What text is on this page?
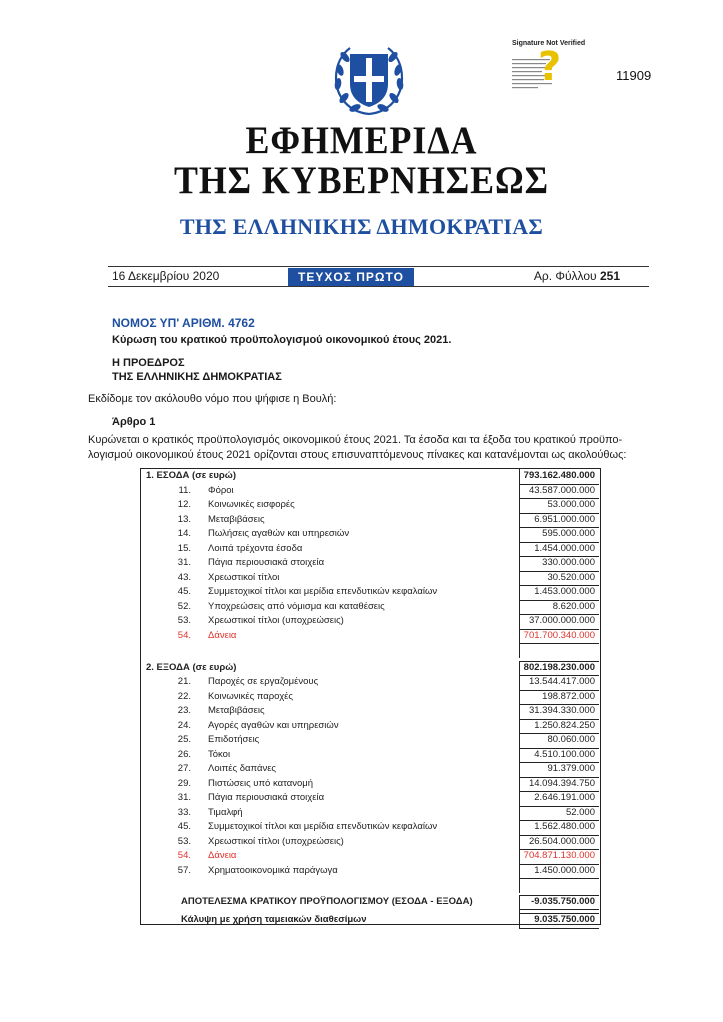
Signature Not Verified
?	11909
ΕΦΗΜΕΡΙΔΑ
ΤΗΣ ΚΥΒΕΡΝΗΣΕΩΣ
ΤΗΣ ΕΛΛΗΝΙΚΗΣ ΔΗΜΟΚΡΑΤΙΑΣ
16 Δεκεμβρίου 2020	ΤΕΥΧΟΣ ΠΡΩΤΟ	Αρ. Φύλλου 251
ΝΟΜΟΣ ΥΠ' ΑΡΙΘΜ. 4762
Κύρωση του κρατικού προϋπολογισμού οικονομικού έτους 2021.
Η ΠΡΟΕΔΡΟΣ
ΤΗΣ ΕΛΛΗΝΙΚΗΣ ΔΗΜΟΚΡΑΤΙΑΣ
Εκδίδομε τον ακόλουθο νόμο που ψήφισε η Βουλή:
Άρθρο 1
Κυρώνεται ο κρατικός προϋπολογισμός οικονομικού έτους 2021. Τα έσοδα και τα έξοδα του κρατικού προϋπο-
λογισμού οικονομικού έτους 2021 ορίζονται στους επισυναπτόμενους πίνακες και κατανέμονται ως ακολούθως:
1. ΕΣΟΔΑ (σε ευρώ)	793.162.480.000
11. Φόροι	43.587.000.000
12. Κοινωνικές εισφορές	53.000.000
13. Μεταβιβάσεις	6.951.000.000
14. Πωλήσεις αγαθών και υπηρεσιών	595.000.000
15. Λοιπά τρέχοντα έσοδα	1.454.000.000
31. Πάγια περιουσιακά στοιχεία	330.000.000
43. Χρεωστικοί τίτλοι	30.520.000
45. Συμμετοχικοί τίτλοι και μερίδια επενδυτικών κεφαλαίων	1.453.000.000
52. Υποχρεώσεις από νόμισμα και καταθέσεις	8.620.000
53. Χρεωστικοί τίτλοι (υποχρεώσεις)	37.000.000.000
54. Δάνεια	701.700.340.000
2. ΕΞΟΔΑ (σε ευρώ)	802.198.230.000
21. Παροχές σε εργαζομένους	13.544.417.000
22. Κοινωνικές παροχές	198.872.000
23. Μεταβιβάσεις	31.394.330.000
24. Αγορές αγαθών και υπηρεσιών	1.250.824.250
25. Επιδοτήσεις	80.060.000
26. Τόκοι	4.510.100.000
27. Λοιπές δαπάνες	91.379.000
29. Πιστώσεις υπό κατανομή	14.094.394.750
31. Πάγια περιουσιακά στοιχεία	2.646.191.000
33. Τιμαλφή	52.000
45. Συμμετοχικοί τίτλοι και μερίδια επενδυτικών κεφαλαίων	1.562.480.000
53. Χρεωστικοί τίτλοι (υποχρεώσεις)	26.504.000.000
54. Δάνεια	704.871.130.000
57. Χρηματοοικονομικά παράγωγα	1.450.000.000
ΑΠΟΤΕΛΕΣΜΑ ΚΡΑΤΙΚΟΥ ΠΡΟΫΠΟΛΟΓΙΣΜΟΥ (ΕΣΟΔΑ - ΕΞΟΔΑ)	-9.035.750.000
Κάλυψη με χρήση ταμειακών διαθεσίμων	9.035.750.000
